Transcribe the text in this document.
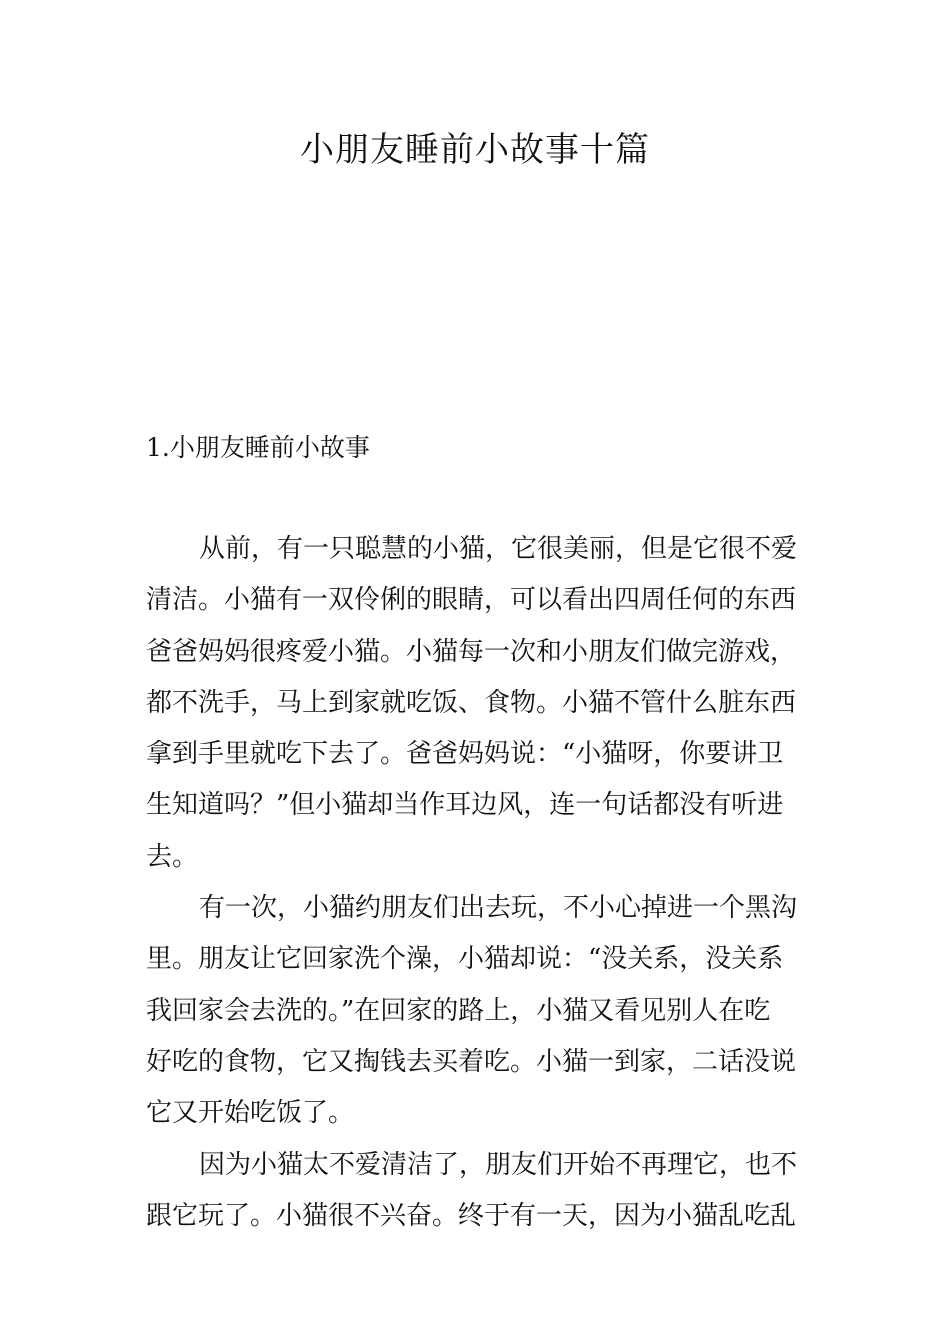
小朋友睡前小故事十篇
1.小朋友睡前小故事

从前，有一只聪慧的小猫，它很美丽，但是它很不爱
清洁。小猫有一双伶俐的眼睛，可以看出四周任何的东西
爸爸妈妈很疼爱小猫。小猫每一次和小朋友们做完游戏，
都不洗手，马上到家就吃饭、食物。小猫不管什么脏东西
拿到手里就吃下去了。爸爸妈妈说：“小猫呀，你要讲卫
生知道吗？”但小猫却当作耳边风，连一句话都没有听进
去。

有一次，小猫约朋友们出去玩，不小心掉进一个黑沟
里。朋友让它回家洗个澡，小猫却说：“没关系，没关系
我回家会去洗的。”在回家的路上，小猫又看见别人在吃
好吃的食物，它又掏钱去买着吃。小猫一到家，二话没说
它又开始吃饭了。

因为小猫太不爱清洁了，朋友们开始不再理它，也不
跟它玩了。小猫很不兴奋。终于有一天，因为小猫乱吃乱
